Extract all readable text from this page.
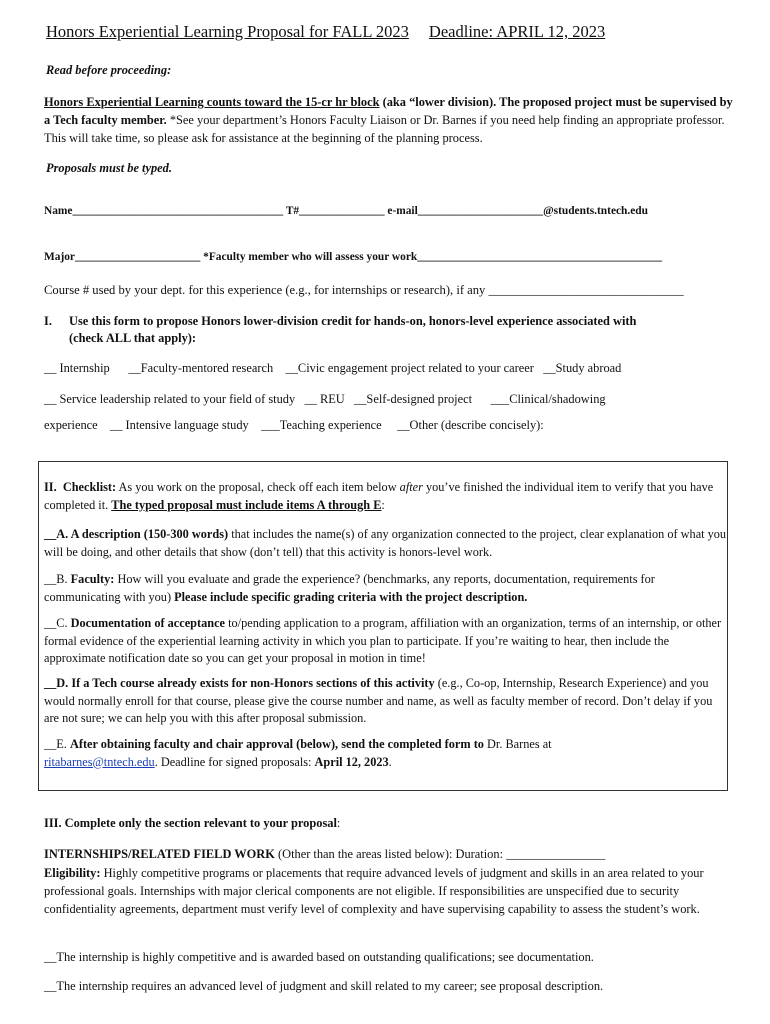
Honors Experiential Learning Proposal for FALL 2023 Deadline: APRIL 12, 2023
Read before proceeding:
Honors Experiential Learning counts toward the 15-cr hr block (aka “lower division). The proposed project must be supervised by a Tech faculty member. *See your department’s Honors Faculty Liaison or Dr. Barnes if you need help finding an appropriate professor. This will take time, so please ask for assistance at the beginning of the planning process.
Proposals must be typed.
Name_____________________________________ T#_______________ e-mail______________________@students.tntech.edu
Major______________________ *Faculty member who will assess your work___________________________________________
Course # used by your dept. for this experience (e.g., for internships or research), if any _______________________________
I. Use this form to propose Honors lower-division credit for hands-on, honors-level experience associated with
(check ALL that apply):
__ Internship      __Faculty-mentored research    __Civic engagement project related to your career   __Study abroad
__ Service leadership related to your field of study   __ REU   __Self-designed project      ___Clinical/shadowing
experience    __ Intensive language study    ___Teaching experience     __Other (describe concisely):
II. Checklist: As you work on the proposal, check off each item below after you’ve finished the individual item to verify that you have completed it. The typed proposal must include items A through E:
__A. A description (150-300 words) that includes the name(s) of any organization connected to the project, clear explanation of what you will be doing, and other details that show (don’t tell) that this activity is honors-level work.
__B. Faculty: How will you evaluate and grade the experience? (benchmarks, any reports, documentation, requirements for communicating with you) Please include specific grading criteria with the project description.
__C. Documentation of acceptance to/pending application to a program, affiliation with an organization, terms of an internship, or other formal evidence of the experiential learning activity in which you plan to participate. If you’re waiting to hear, then include the approximate notification date so you can get your proposal in motion in time!
__D. If a Tech course already exists for non-Honors sections of this activity (e.g., Co-op, Internship, Research Experience) and you would normally enroll for that course, please give the course number and name, as well as faculty member of record. Don’t delay if you are not sure; we can help you with this after proposal submission.
__E. After obtaining faculty and chair approval (below), send the completed form to Dr. Barnes at
ritabarnes@tntech.edu. Deadline for signed proposals: April 12, 2023.
III. Complete only the section relevant to your proposal:
INTERNSHIPS/RELATED FIELD WORK (Other than the areas listed below): Duration: ________________
Eligibility: Highly competitive programs or placements that require advanced levels of judgment and skills in an area related to your professional goals. Internships with major clerical components are not eligible. If responsibilities are unspecified due to security confidentiality agreements, department must verify level of complexity and have supervising capability to assess the student’s work.
__The internship is highly competitive and is awarded based on outstanding qualifications; see documentation.
__The internship requires an advanced level of judgment and skill related to my career; see proposal description.
